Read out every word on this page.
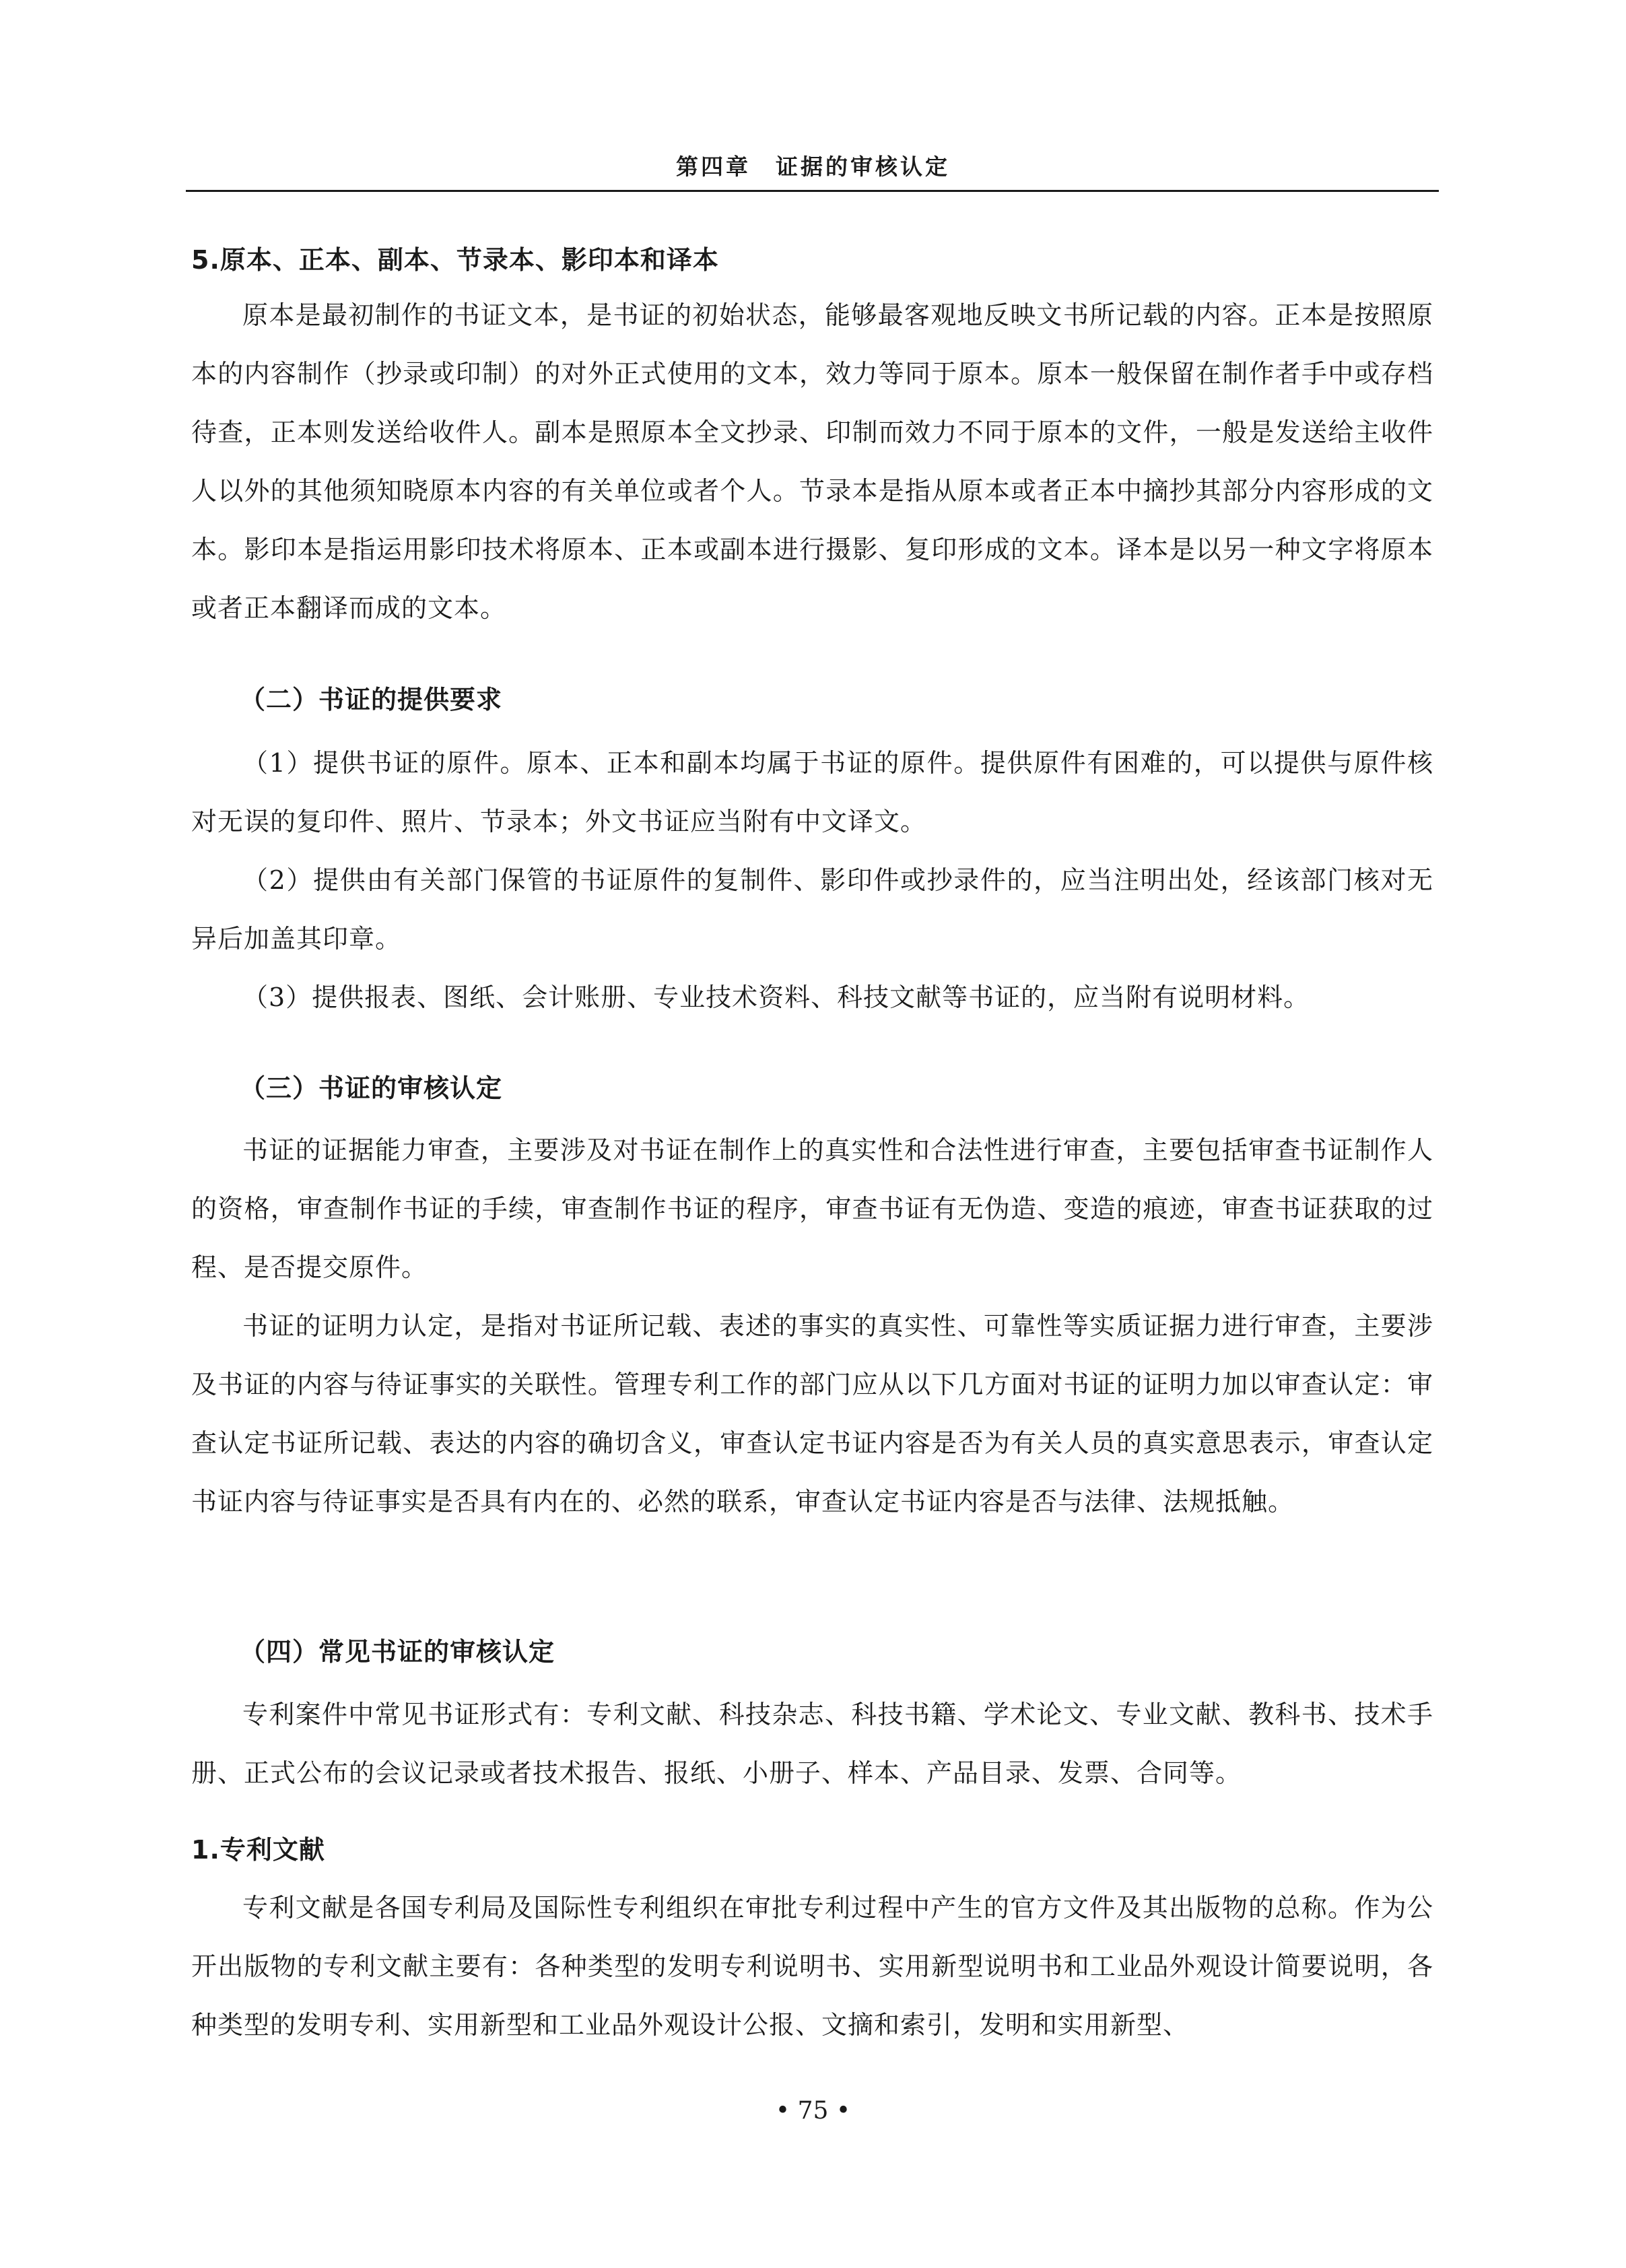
第四章　证据的审核认定
5.原本、正本、副本、节录本、影印本和译本
原本是最初制作的书证文本，是书证的初始状态，能够最客观地反映文书所记载的内容。正本是按照原本的内容制作（抄录或印制）的对外正式使用的文本，效力等同于原本。原本一般保留在制作者手中或存档待查，正本则发送给收件人。副本是照原本全文抄录、印制而效力不同于原本的文件，一般是发送给主收件人以外的其他须知晓原本内容的有关单位或者个人。节录本是指从原本或者正本中摘抄其部分内容形成的文本。影印本是指运用影印技术将原本、正本或副本进行摄影、复印形成的文本。译本是以另一种文字将原本或者正本翻译而成的文本。
（二）书证的提供要求
（1）提供书证的原件。原本、正本和副本均属于书证的原件。提供原件有困难的，可以提供与原件核对无误的复印件、照片、节录本；外文书证应当附有中文译文。
（2）提供由有关部门保管的书证原件的复制件、影印件或抄录件的，应当注明出处，经该部门核对无异后加盖其印章。
（3）提供报表、图纸、会计账册、专业技术资料、科技文献等书证的，应当附有说明材料。
（三）书证的审核认定
书证的证据能力审查，主要涉及对书证在制作上的真实性和合法性进行审查，主要包括审查书证制作人的资格，审查制作书证的手续，审查制作书证的程序，审查书证有无伪造、变造的痕迹，审查书证获取的过程、是否提交原件。
书证的证明力认定，是指对书证所记载、表述的事实的真实性、可靠性等实质证据力进行审查，主要涉及书证的内容与待证事实的关联性。管理专利工作的部门应从以下几方面对书证的证明力加以审查认定：审查认定书证所记载、表达的内容的确切含义，审查认定书证内容是否为有关人员的真实意思表示，审查认定书证内容与待证事实是否具有内在的、必然的联系，审查认定书证内容是否与法律、法规抵触。
（四）常见书证的审核认定
专利案件中常见书证形式有：专利文献、科技杂志、科技书籍、学术论文、专业文献、教科书、技术手册、正式公布的会议记录或者技术报告、报纸、小册子、样本、产品目录、发票、合同等。
1.专利文献
专利文献是各国专利局及国际性专利组织在审批专利过程中产生的官方文件及其出版物的总称。作为公开出版物的专利文献主要有：各种类型的发明专利说明书、实用新型说明书和工业品外观设计简要说明，各种类型的发明专利、实用新型和工业品外观设计公报、文摘和索引，发明和实用新型、
• 75 •
